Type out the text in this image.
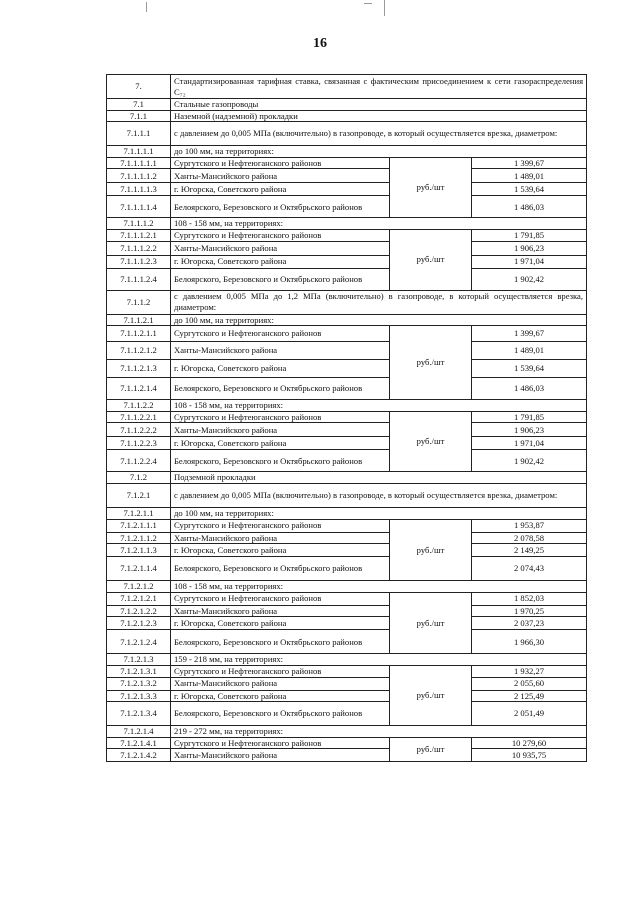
16
7.	Стандартизированная тарифная ставка, связанная с фактическим присоединением к сети газораспределения С₇₂		
7.1	Стальные газопроводы		
7.1.1	Наземной (надземной) прокладки		
7.1.1.1	с давлением до 0,005 МПа (включительно) в газопроводе, в который осуществляется врезка, диаметром:		
7.1.1.1.1	до 100 мм, на территориях:		
7.1.1.1.1.1	Сургутского и Нефтеюганского районов	руб./шт	1 399,67
7.1.1.1.1.2	Ханты-Мансийского района		1 489,01
7.1.1.1.1.3	г. Югорска, Советского района		1 539,64
7.1.1.1.1.4	Белоярского, Березовского и Октябрьского районов		1 486,03
7.1.1.1.2	108 - 158 мм, на территориях:		
7.1.1.1.2.1	Сургутского и Нефтеюганского районов	руб./шт	1 791,85
7.1.1.1.2.2	Ханты-Мансийского района		1 906,23
7.1.1.1.2.3	г. Югорска, Советского района		1 971,04
7.1.1.1.2.4	Белоярского, Березовского и Октябрьского районов		1 902,42
7.1.1.2	с давлением 0,005 МПа до 1,2 МПа (включительно) в газопроводе, в который осуществляется врезка, диаметром:		
7.1.1.2.1	до 100 мм, на территориях:		
7.1.1.2.1.1	Сургутского и Нефтеюганского районов	руб./шт	1 399,67
7.1.1.2.1.2	Ханты-Мансийского района		1 489,01
7.1.1.2.1.3	г. Югорска, Советского района		1 539,64
7.1.1.2.1.4	Белоярского, Березовского и Октябрьского районов		1 486,03
7.1.1.2.2	108 - 158 мм, на территориях:		
7.1.1.2.2.1	Сургутского и Нефтеюганского районов	руб./шт	1 791,85
7.1.1.2.2.2	Ханты-Мансийского района		1 906,23
7.1.1.2.2.3	г. Югорска, Советского района		1 971,04
7.1.1.2.2.4	Белоярского, Березовского и Октябрьского районов		1 902,42
7.1.2	Подземной прокладки		
7.1.2.1	с давлением до 0,005 МПа (включительно) в газопроводе, в который осуществляется врезка, диаметром:		
7.1.2.1.1	до 100 мм, на территориях:		
7.1.2.1.1.1	Сургутского и Нефтеюганского районов	руб./шт	1 953,87
7.1.2.1.1.2	Ханты-Мансийского района		2 078,58
7.1.2.1.1.3	г. Югорска, Советского района		2 149,25
7.1.2.1.1.4	Белоярского, Березовского и Октябрьского районов		2 074,43
7.1.2.1.2	108 - 158 мм, на территориях:		
7.1.2.1.2.1	Сургутского и Нефтеюганского районов	руб./шт	1 852,03
7.1.2.1.2.2	Ханты-Мансийского района		1 970,25
7.1.2.1.2.3	г. Югорска, Советского района		2 037,23
7.1.2.1.2.4	Белоярского, Березовского и Октябрьского районов		1 966,30
7.1.2.1.3	159 - 218 мм, на территориях:		
7.1.2.1.3.1	Сургутского и Нефтеюганского районов	руб./шт	1 932,27
7.1.2.1.3.2	Ханты-Мансийского района		2 055,60
7.1.2.1.3.3	г. Югорска, Советского района		2 125,49
7.1.2.1.3.4	Белоярского, Березовского и Октябрьского районов		2 051,49
7.1.2.1.4	219 - 272 мм, на территориях:		
7.1.2.1.4.1	Сургутского и Нефтеюганского районов	руб./шт	10 279,60
7.1.2.1.4.2	Ханты-Мансийского района		10 935,75
